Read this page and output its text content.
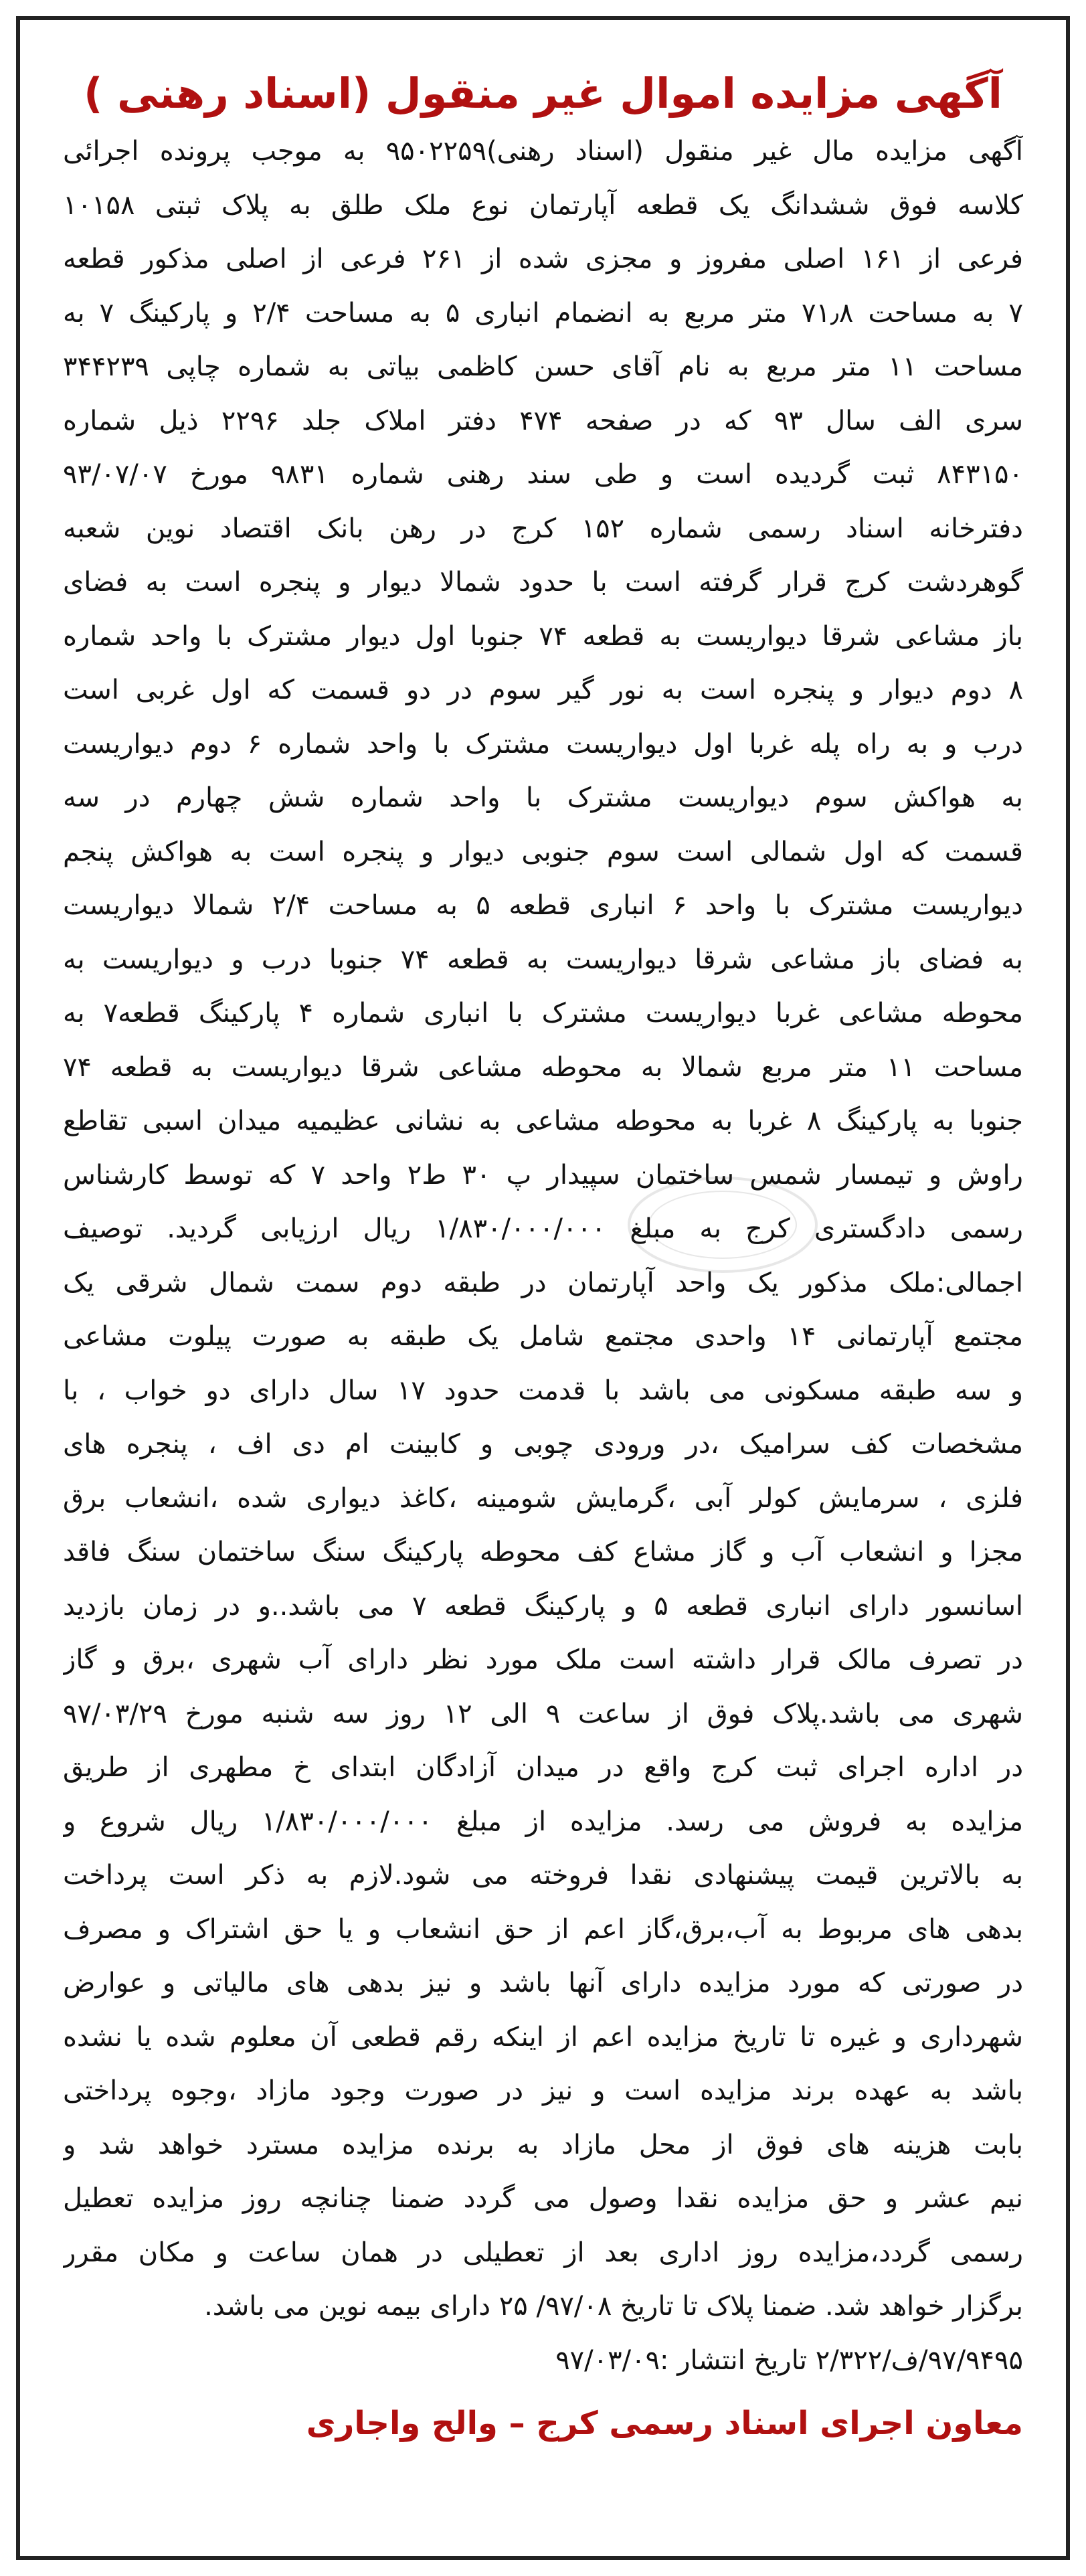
آگهی مزایده اموال غیر منقول (اسناد رهنی )
آگهی مزایده مال غیر منقول (اسناد رهنی)۹۵۰۲۲۵۹ به موجب پرونده اجرائی
کلاسه فوق ششدانگ یک قطعه آپارتمان نوع ملک طلق به پلاک ثبتی ۱۰۱۵۸
فرعی از ۱۶۱ اصلی مفروز و مجزی شده از ۲۶۱ فرعی از اصلی مذکور قطعه
۷ به مساحت ۷۱٫۸ متر مربع به انضمام انباری ۵ به مساحت ۲/۴ و پارکینگ ۷ به
مساحت ۱۱ متر مربع به نام آقای حسن کاظمی بیاتی به شماره چاپی ۳۴۴۲۳۹
سری الف سال ۹۳ که در صفحه ۴۷۴ دفتر املاک جلد ۲۲۹۶ ذیل شماره
۸۴۳۱۵۰ ثبت گردیده است و طی سند رهنی شماره ۹۸۳۱ مورخ ۹۳/۰۷/۰۷
دفترخانه اسناد رسمی شماره ۱۵۲ کرج در رهن بانک اقتصاد نوین شعبه
گوهردشت کرج قرار گرفته است با حدود شمالا دیوار و پنجره است به فضای
باز مشاعی شرقا دیواریست به قطعه ۷۴ جنوبا اول دیوار مشترک با واحد شماره
۸ دوم دیوار و پنجره است به نور گیر سوم در دو قسمت که اول غربی است
درب و به راه پله غربا اول دیواریست مشترک با واحد شماره ۶ دوم دیواریست
به هواکش سوم دیواریست مشترک با واحد شماره شش چهارم در سه
قسمت که اول شمالی است سوم جنوبی دیوار و پنجره است به هواکش پنجم
دیواریست مشترک با واحد ۶ انباری قطعه ۵ به مساحت ۲/۴ شمالا دیواریست
به فضای باز مشاعی شرقا دیواریست به قطعه ۷۴ جنوبا درب و دیواریست به
محوطه مشاعی غربا دیواریست مشترک با انباری شماره ۴ پارکینگ قطعه۷ به
مساحت ۱۱ متر مربع شمالا به محوطه مشاعی شرقا دیواریست به قطعه ۷۴
جنوبا به پارکینگ ۸ غربا به محوطه مشاعی به نشانی عظیمیه میدان اسبی تقاطع
راوش و تیمسار شمس ساختمان سپیدار پ ۳۰ ط۲ واحد ۷ که توسط کارشناس
رسمی دادگستری کرج به مبلغ ۱/۸۳۰/۰۰۰/۰۰۰ ریال ارزیابی گردید. توصیف
اجمالی:ملک مذکور یک واحد آپارتمان در طبقه دوم سمت شمال شرقی یک
مجتمع آپارتمانی ۱۴ واحدی مجتمع شامل یک طبقه به صورت پیلوت مشاعی
و سه طبقه مسکونی می باشد با قدمت حدود ۱۷ سال دارای دو خواب ، با
مشخصات کف سرامیک ،در ورودی چوبی و کابینت ام دی اف ، پنجره های
فلزی ، سرمایش کولر آبی ،گرمایش شومینه ،کاغذ دیواری شده ،انشعاب برق
مجزا و انشعاب آب و گاز مشاع کف محوطه پارکینگ سنگ ساختمان سنگ فاقد
اسانسور دارای انباری قطعه ۵ و پارکینگ قطعه ۷ می باشد..و در زمان بازدید
در تصرف مالک قرار داشته است ملک مورد نظر دارای آب شهری ،برق و گاز
شهری می باشد.پلاک فوق از ساعت ۹ الی ۱۲ روز سه شنبه مورخ ۹۷/۰۳/۲۹
در اداره اجرای ثبت کرج واقع در میدان آزادگان ابتدای خ مطهری از طریق
مزایده به فروش می رسد. مزایده از مبلغ ۱/۸۳۰/۰۰۰/۰۰۰ ریال شروع و
به بالاترین قیمت پیشنهادی نقدا فروخته می شود.لازم به ذکر است پرداخت
بدهی های مربوط به آب،برق،گاز اعم از حق انشعاب و یا حق اشتراک و مصرف
در صورتی که مورد مزایده دارای آنها باشد و نیز بدهی های مالیاتی و عوارض
شهرداری و غیره تا تاریخ مزایده اعم از اینکه رقم قطعی آن معلوم شده یا نشده
باشد به عهده برند مزایده است و نیز در صورت وجود مازاد ،وجوه پرداختی
بابت هزینه های فوق از محل مازاد به برنده مزایده مسترد خواهد شد و
نیم عشر و حق مزایده نقدا وصول می گردد ضمنا چنانچه روز مزایده تعطیل
رسمی گردد،مزایده روز اداری بعد از تعطیلی در همان ساعت و مکان مقرر
برگزار خواهد شد. ضمنا پلاک تا تاریخ ۹۷/۰۸/ ۲۵ دارای بیمه نوین می باشد.
۹۷/۹۴۹۵/ف/۲/۳۲۲ تاریخ انتشار :۹۷/۰۳/۰۹
معاون اجرای اسناد رسمی کرج – والح واجاری
